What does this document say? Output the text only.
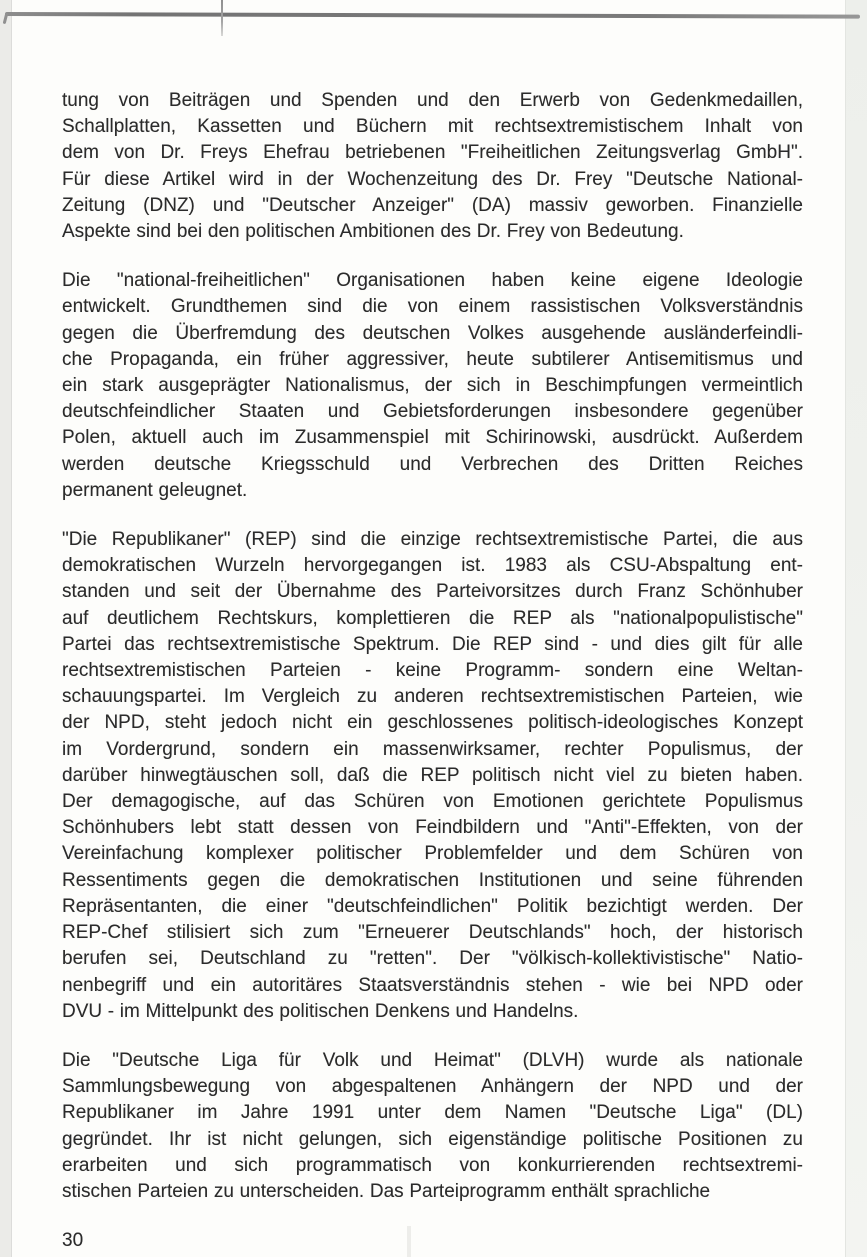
tung von Beiträgen und Spenden und den Erwerb von Gedenkmedaillen,
Schallplatten, Kassetten und Büchern mit rechtsextremistischem Inhalt von
dem von Dr. Freys Ehefrau betriebenen "Freiheitlichen Zeitungsverlag GmbH".
Für diese Artikel wird in der Wochenzeitung des Dr. Frey "Deutsche National-
Zeitung (DNZ) und "Deutscher Anzeiger" (DA) massiv geworben. Finanzielle
Aspekte sind bei den politischen Ambitionen des Dr. Frey von Bedeutung.
Die "national-freiheitlichen" Organisationen haben keine eigene Ideologie
entwickelt. Grundthemen sind die von einem rassistischen Volksverständnis
gegen die Überfremdung des deutschen Volkes ausgehende ausländerfeindli-
che Propaganda, ein früher aggressiver, heute subtilerer Antisemitismus und
ein stark ausgeprägter Nationalismus, der sich in Beschimpfungen vermeintlich
deutschfeindlicher Staaten und Gebietsforderungen insbesondere gegenüber
Polen, aktuell auch im Zusammenspiel mit Schirinowski, ausdrückt. Außerdem
werden deutsche Kriegsschuld und Verbrechen des Dritten Reiches
permanent geleugnet.
"Die Republikaner" (REP) sind die einzige rechtsextremistische Partei, die aus
demokratischen Wurzeln hervorgegangen ist. 1983 als CSU-Abspaltung ent-
standen und seit der Übernahme des Parteivorsitzes durch Franz Schönhuber
auf deutlichem Rechtskurs, komplettieren die REP als "nationalpopulistische"
Partei das rechtsextremistische Spektrum. Die REP sind - und dies gilt für alle
rechtsextremistischen Parteien - keine Programm- sondern eine Weltan-
schauungspartei. Im Vergleich zu anderen rechtsextremistischen Parteien, wie
der NPD, steht jedoch nicht ein geschlossenes politisch-ideologisches Konzept
im Vordergrund, sondern ein massenwirksamer, rechter Populismus, der
darüber hinwegtäuschen soll, daß die REP politisch nicht viel zu bieten haben.
Der demagogische, auf das Schüren von Emotionen gerichtete Populismus
Schönhubers lebt statt dessen von Feindbildern und "Anti"-Effekten, von der
Vereinfachung komplexer politischer Problemfelder und dem Schüren von
Ressentiments gegen die demokratischen Institutionen und seine führenden
Repräsentanten, die einer "deutschfeindlichen" Politik bezichtigt werden. Der
REP-Chef stilisiert sich zum "Erneuerer Deutschlands" hoch, der historisch
berufen sei, Deutschland zu "retten". Der "völkisch-kollektivistische" Natio-
nenbegriff und ein autoritäres Staatsverständnis stehen - wie bei NPD oder
DVU - im Mittelpunkt des politischen Denkens und Handelns.
Die "Deutsche Liga für Volk und Heimat" (DLVH) wurde als nationale
Sammlungsbewegung von abgespaltenen Anhängern der NPD und der
Republikaner im Jahre 1991 unter dem Namen "Deutsche Liga" (DL)
gegründet. Ihr ist nicht gelungen, sich eigenständige politische Positionen zu
erarbeiten und sich programmatisch von konkurrierenden rechtsextremi-
stischen Parteien zu unterscheiden. Das Parteiprogramm enthält sprachliche
30
